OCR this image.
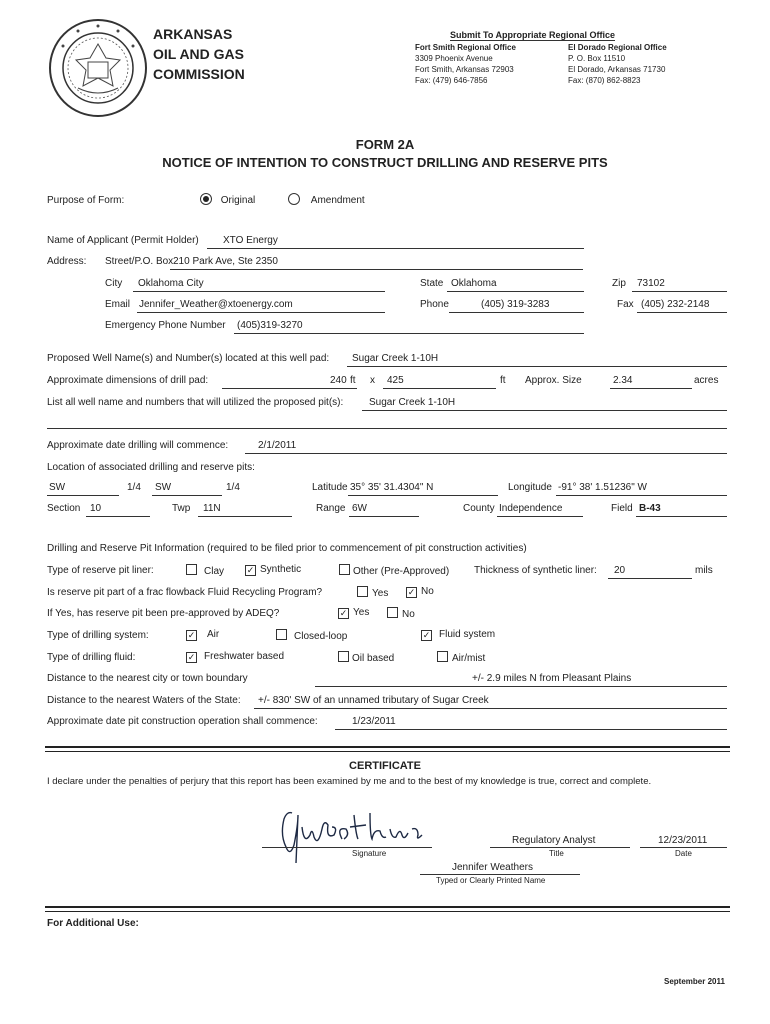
ARKANSAS
OIL AND GAS
COMMISSION
Submit To Appropriate Regional Office
Fort Smith Regional Office
3309 Phoenix Avenue
Fort Smith, Arkansas 72903
Fax: (479) 646-7856
El Dorado Regional Office
P. O. Box 11510
El Dorado, Arkansas 71730
Fax: (870) 862-8823
FORM 2A
NOTICE OF INTENTION TO CONSTRUCT DRILLING AND RESERVE PITS
Purpose of Form:	Original	Amendment
Name of Applicant (Permit Holder) XTO Energy
Address: Street/P.O. Box 210 Park Ave, Ste 2350
City Oklahoma City	State Oklahoma	Zip 73102
Email Jennifer_Weather@xtoenergy.com	Phone	(405) 319-3283	Fax (405) 232-2148
Emergency Phone Number (405)319-3270
Proposed Well Name(s) and Number(s) located at this well pad: Sugar Creek 1-10H
Approximate dimensions of drill pad:	240 ft x 425	ft Approx. Size	2.34	acres
List all well name and numbers that will utilized the proposed pit(s):	Sugar Creek 1-10H
Approximate date drilling will commence:	2/1/2011
Location of associated drilling and reserve pits:
SW	1/4 SW	1/4	Latitude 35° 35' 31.4304" N	Longitude -91° 38' 1.51236" W
Section 10	Twp 11N	Range 6W	County Independence	Field B-43
Drilling and Reserve Pit Information (required to be filed prior to commencement of pit construction activities)
Type of reserve pit liner:	Clay	✓ Synthetic	Other (Pre-Approved) Thickness of synthetic liner: 20	mils
Is reserve pit part of a frac flowback Fluid Recycling Program?	Yes ✓ No
If Yes, has reserve pit been pre-approved by ADEQ?	✓ Yes	No
Type of drilling system:	✓ Air	Closed-loop	✓ Fluid system
Type of drilling fluid:	✓ Freshwater based	Oil based	Air/mist
Distance to the nearest city or town boundary	+/- 2.9 miles N from Pleasant Plains
Distance to the nearest Waters of the State: +/- 830' SW of an unnamed tributary of Sugar Creek
Approximate date pit construction operation shall commence:	1/23/2011
CERTIFICATE
I declare under the penalties of perjury that this report has been examined by me and to the best of my knowledge is true, correct and complete.
Signature
Regulatory Analyst
Title
12/23/2011
Date
Jennifer Weathers
Typed or Clearly Printed Name
For Additional Use:
September 2011
